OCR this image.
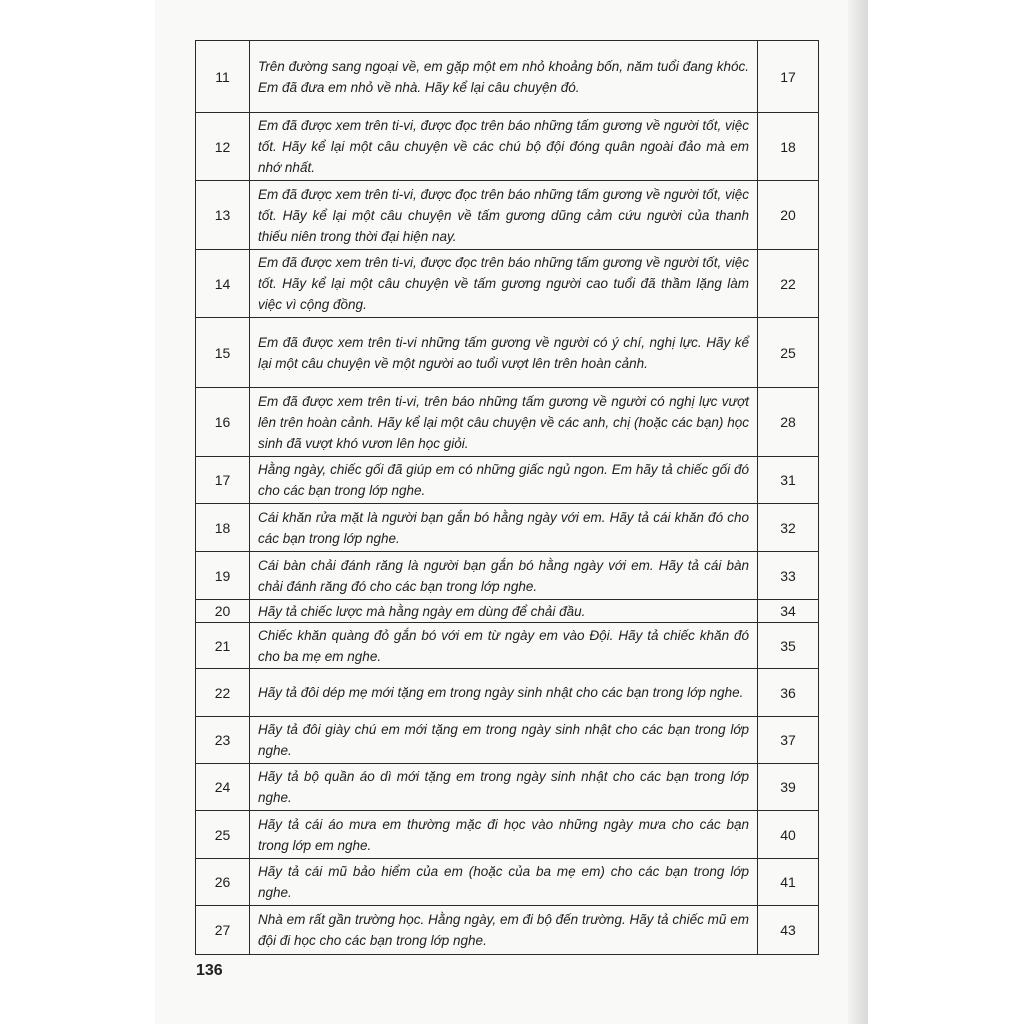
11	Trên đường sang ngoại về, em gặp một em nhỏ khoảng bốn, năm tuổi đang khóc. Em đã đưa em nhỏ về nhà. Hãy kể lại câu chuyện đó.	17
12	Em đã được xem trên ti-vi, được đọc trên báo những tấm gương về người tốt, việc tốt. Hãy kể lại một câu chuyện về các chú bộ đội đóng quân ngoài đảo mà em nhớ nhất.	18
13	Em đã được xem trên ti-vi, được đọc trên báo những tấm gương về người tốt, việc tốt. Hãy kể lại một câu chuyện về tấm gương dũng cảm cứu người của thanh thiếu niên trong thời đại hiện nay.	20
14	Em đã được xem trên ti-vi, được đọc trên báo những tấm gương về người tốt, việc tốt. Hãy kể lại một câu chuyện về tấm gương người cao tuổi đã thầm lặng làm việc vì cộng đồng.	22
15	Em đã được xem trên ti-vi những tấm gương về người có ý chí, nghị lực. Hãy kể lại một câu chuyện về một người ao tuổi vượt lên trên hoàn cảnh.	25
16	Em đã được xem trên ti-vi, trên báo những tấm gương về người có nghị lực vượt lên trên hoàn cảnh. Hãy kể lại một câu chuyện về các anh, chị (hoặc các bạn) học sinh đã vượt khó vươn lên học giỏi.	28
17	Hằng ngày, chiếc gối đã giúp em có những giấc ngủ ngon. Em hãy tả chiếc gối đó cho các bạn trong lớp nghe.	31
18	Cái khăn rửa mặt là người bạn gắn bó hằng ngày với em. Hãy tả cái khăn đó cho các bạn trong lớp nghe.	32
19	Cái bàn chải đánh răng là người bạn gắn bó hằng ngày với em. Hãy tả cái bàn chải đánh răng đó cho các bạn trong lớp nghe.	33
20	Hãy tả chiếc lược mà hằng ngày em dùng để chải đầu.	34
21	Chiếc khăn quàng đỏ gắn bó với em từ ngày em vào Đội. Hãy tả chiếc khăn đó cho ba mẹ em nghe.	35
22	Hãy tả đôi dép mẹ mới tặng em trong ngày sinh nhật cho các bạn trong lớp nghe.	36
23	Hãy tả đôi giày chú em mới tặng em trong ngày sinh nhật cho các bạn trong lớp nghe.	37
24	Hãy tả bộ quần áo dì mới tặng em trong ngày sinh nhật cho các bạn trong lớp nghe.	39
25	Hãy tả cái áo mưa em thường mặc đi học vào những ngày mưa cho các bạn trong lớp em nghe.	40
26	Hãy tả cái mũ bảo hiểm của em (hoặc của ba mẹ em) cho các bạn trong lớp nghe.	41
27	Nhà em rất gần trường học. Hằng ngày, em đi bộ đến trường. Hãy tả chiếc mũ em đội đi học cho các bạn trong lớp nghe.	43
136
